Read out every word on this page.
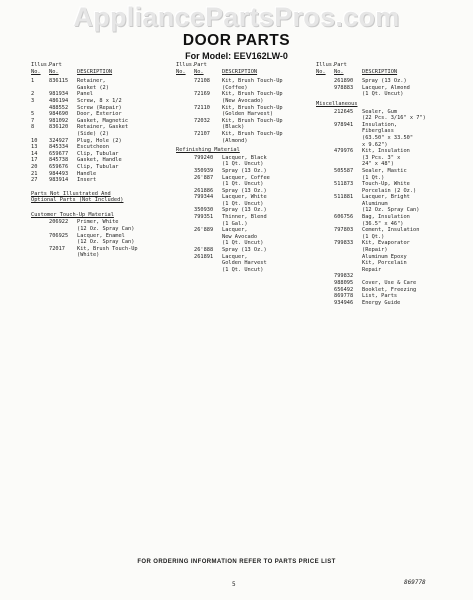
AppliancePartsPros.com
DOOR PARTS
For Model: EEV162LW-0
Illus.
Part
No.	No.	DESCRIPTION
1	836115	Retainer,
Gasket (2)
2	981934	Panel
3	486194	Screw, 8 x 1/2
488552	Screw (Repair)
5	984690	Door, Exterior
7	981092	Gasket, Magnetic
8	836120	Retainer, Gasket
(Side) (2)
10	324927	Plug, Hole (2)
13	845334	Escutcheon
14	659677	Clip, Tubular
17	845738	Gasket, Handle
20	659676	Clip, Tubular
21	984493	Handle
27	983914	Insert
Parts Not Illustrated And
Optional Parts (Not Included)
Customer Touch-Up Material
206922	Primer, White
(12 Oz. Spray Can)
706925	Lacquer, Enamel
(12 Oz. Spray Can)
72017	Kit, Brush Touch-Up
(White)
Illus.
Part
No.	No.	DESCRIPTION
72108	Kit, Brush Touch-Up
(Coffee)
72169	Kit, Brush Touch-Up
(New Avocado)
72110	Kit, Brush Touch-Up
(Golden Harvest)
72032	Kit, Brush Touch-Up
(Black)
72107	Kit, Brush Touch-Up
(Almond)
Refinishing Material
799240	Lacquer, Black
(1 Qt. Uncut)
350939	Spray (13 Oz.)
26'887	Lacquer, Coffee
(1 Qt. Uncut)
261886	Spray (13 Oz.)
799344	Lacquer, White
(1 Qt. Uncut)
350930	Spray (13 Oz.)
799351	Thinner, Blend
(1 Gal.)
26'889	Lacquer,
New Avocado
(1 Qt. Uncut)
26'888	Spray (13 Oz.)
261891	Lacquer,
Golden Harvest
(1 Qt. Uncut)
Illus.
Part
No.	No.	DESCRIPTION
261890	Spray (13 Oz.)
978883	Lacquer, Almond
(1 Qt. Uncut)
Miscellaneous
212645	Sealer, Gum
(22 Pcs. 3/16" x 7")
978941	Insulation,
Fiberglass
(63.50" x 33.50"
x 9.62")
479976	Kit, Insulation
(3 Pcs. 3" x
24" x 48")
505587	Sealer, Mastic
(1 Qt.)
511873	Touch-Up, White
Porcelain (2 Oz.)
511881	Lacquer, Bright
Aluminum
(12 Oz. Spray Can)
606756	Bag, Insulation
(36.5" x 46")
797803	Cement, Insulation
(1 Qt.)
799833	Kit, Evaporator
(Repair)
Aluminum Epoxy
Kit, Porcelain
Repair
799832
988095	Cover, Use & Care
656492	Booklet, Freezing
869778	List, Parts
934946	Energy Guide
FOR ORDERING INFORMATION REFER TO PARTS PRICE LIST
5	869778
